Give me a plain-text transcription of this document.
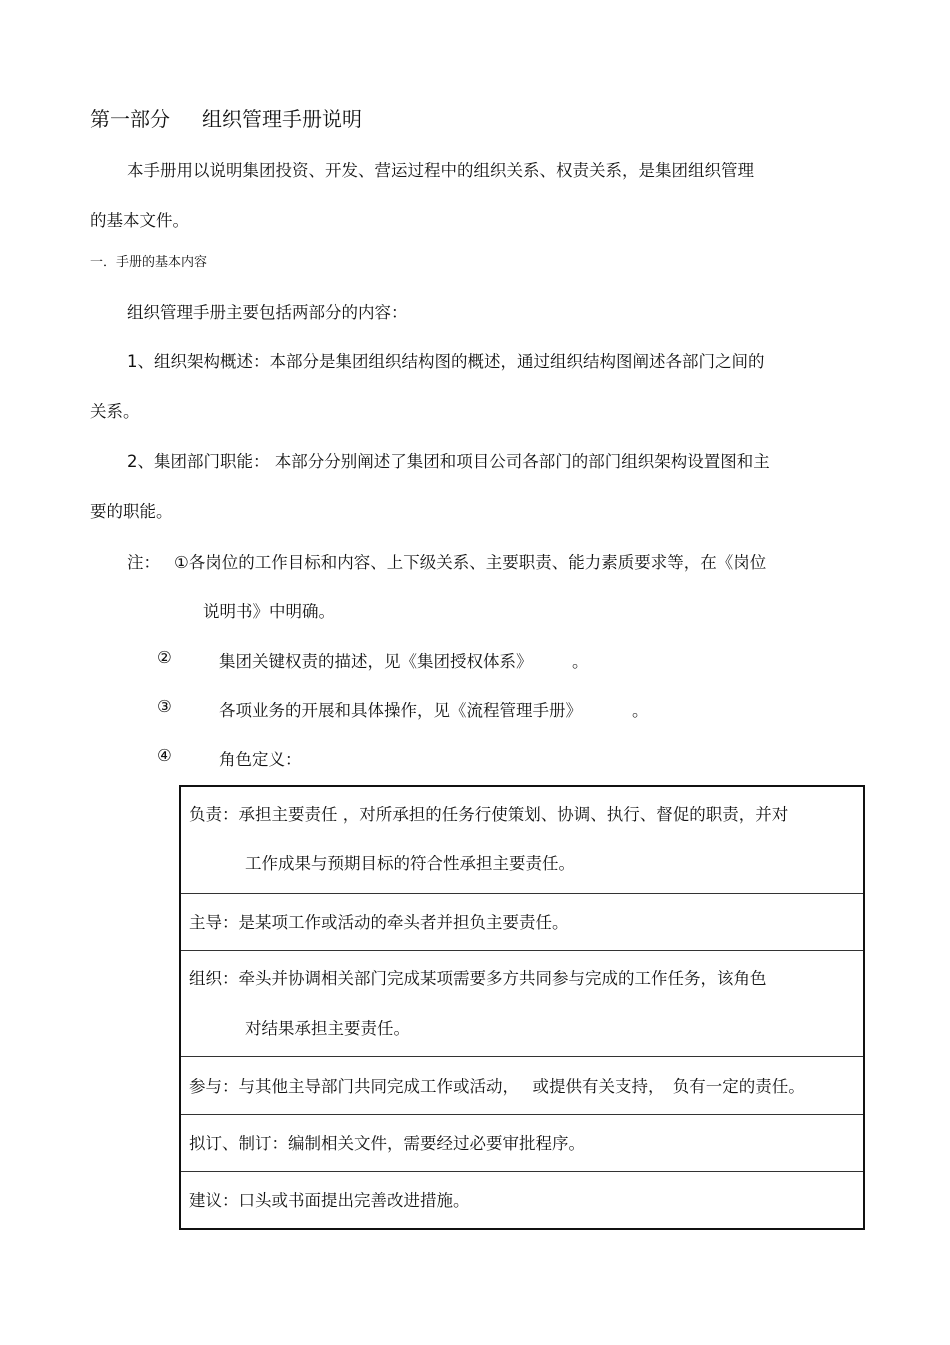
第一部分 组织管理手册说明
本手册用以说明集团投资、开发、营运过程中的组织关系、权责关系，是集团组织管理
的基本文件。
一．手册的基本内容
组织管理手册主要包括两部分的内容：
1、组织架构概述：本部分是集团组织结构图的概述，通过组织结构图阐述各部门之间的
关系。
2、集团部门职能： 本部分分别阐述了集团和项目公司各部门的部门组织架构设置图和主
要的职能。
注： ①各岗位的工作目标和内容、上下级关系、主要职责、能力素质要求等，在《岗位
说明书》中明确。
②	集团关键权责的描述，见《集团授权体系》 。
③	各项业务的开展和具体操作，见《流程管理手册》	。
④	角色定义：
负责：承担主要责任 ，对所承担的任务行使策划、协调、执行、督促的职责，并对
工作成果与预期目标的符合性承担主要责任。
主导：是某项工作或活动的牵头者并担负主要责任。
组织：牵头并协调相关部门完成某项需要多方共同参与完成的工作任务，该角色
对结果承担主要责任。
参与：与其他主导部门共同完成工作或活动，　 或提供有关支持，　负有一定的责任。
拟订、制订：编制相关文件，需要经过必要审批程序。
建议：口头或书面提出完善改进措施。
